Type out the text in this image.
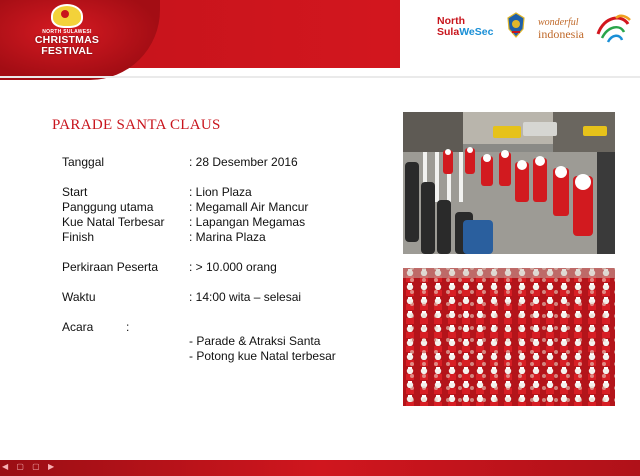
NORTH SULAWESI
CHRISTMAS FESTIVAL
North
SulaWeSec
wonderful
indonesia
PARADE SANTA CLAUS
Tanggal	: 28 Desember 2016
Start	: Lion Plaza
Panggung utama	: Megamall Air Mancur
Kue Natal Terbesar : Lapangan Megamas
Finish	: Marina Plaza
Perkiraan Peserta	: > 10.000 orang
Waktu	: 14:00 wita – selesai
Acara	:
- Parade & Atraksi Santa
- Potong kue Natal terbesar
◀ ▢ ▢ ▶
